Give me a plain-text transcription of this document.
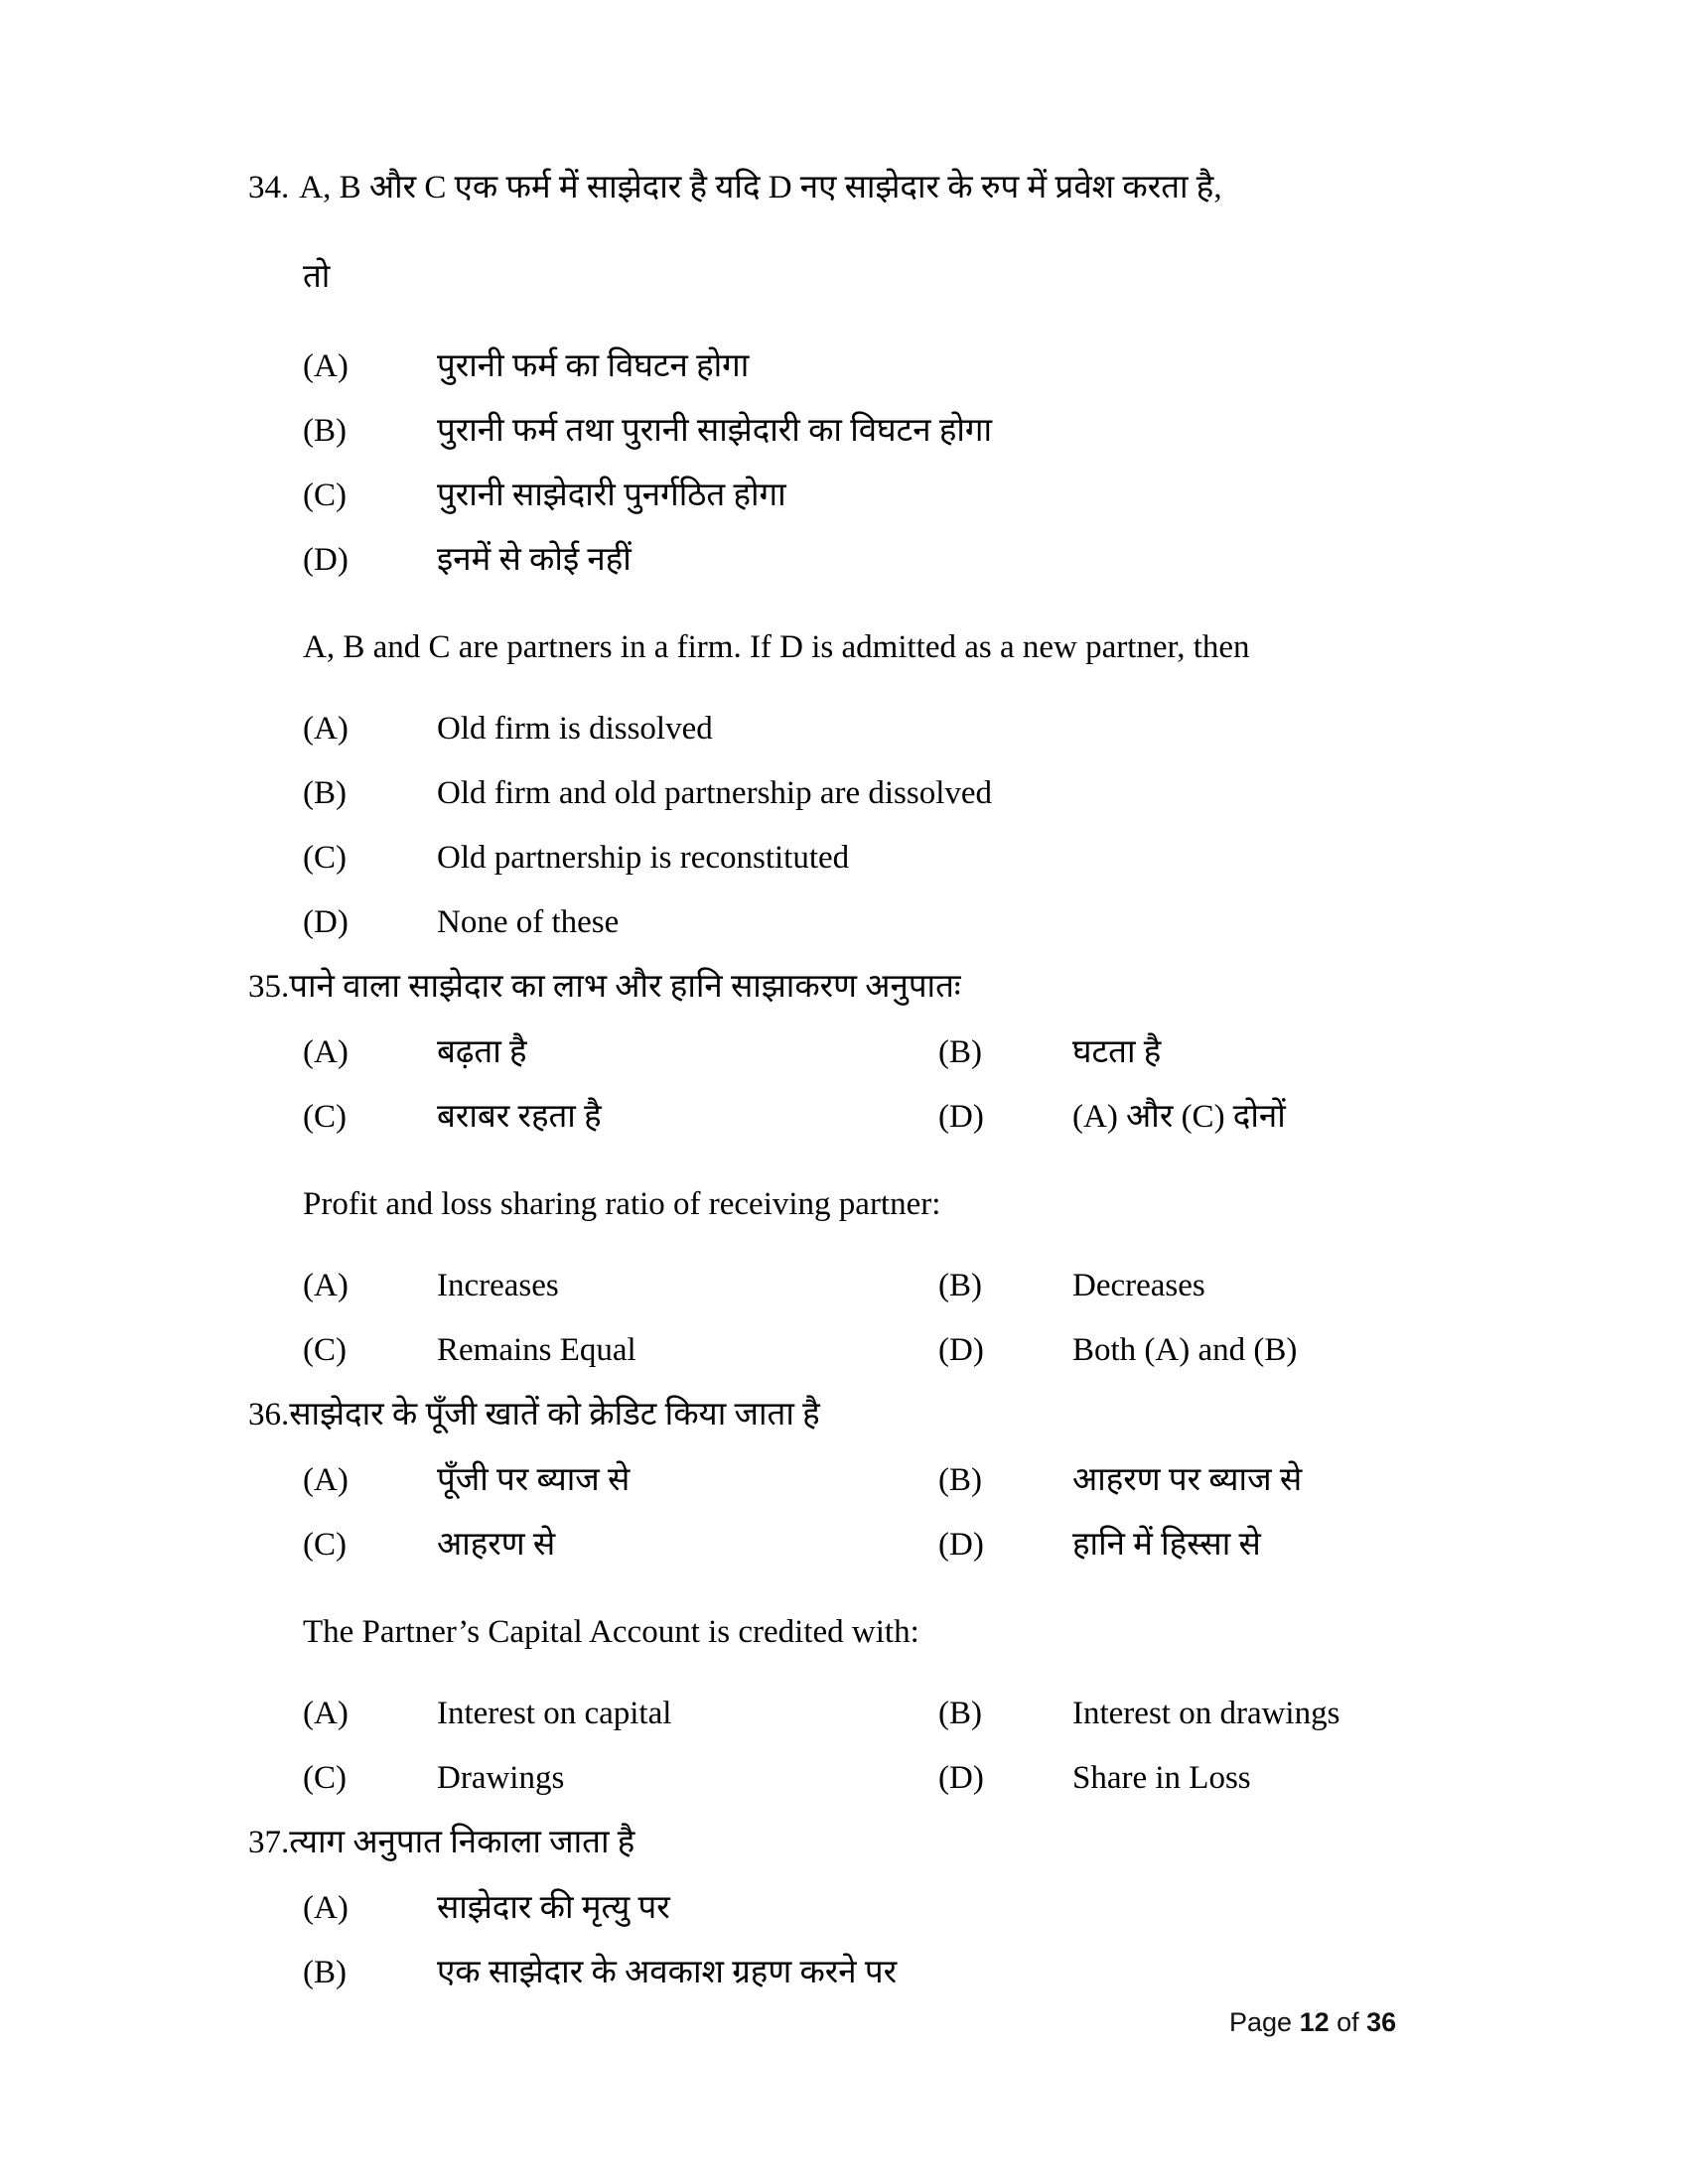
34. A, B और C एक फर्म में साझेदार है यदि D नए साझेदार के रुप में प्रवेश करता है,
तो
(A)	पुरानी फर्म का विघटन होगा
(B)	पुरानी फर्म तथा पुरानी साझेदारी का विघटन होगा
(C)	पुरानी साझेदारी पुनर्गठित होगा
(D)	इनमें से कोई नहीं
A, B and C are partners in a firm. If D is admitted as a new partner, then
(A)	Old firm is dissolved
(B)	Old firm and old partnership are dissolved
(C)	Old partnership is reconstituted
(D)	None of these
35. पाने वाला साझेदार का लाभ और हानि साझाकरण अनुपातः
(A)	बढ़ता है	(B)	घटता है
(C)	बराबर रहता है	(D)	(A) और (C) दोनों
Profit and loss sharing ratio of receiving partner:
(A)	Increases	(B)	Decreases
(C)	Remains Equal	(D)	Both (A) and (B)
36. साझेदार के पूँजी खातें को क्रेडिट किया जाता है
(A)	पूँजी पर ब्याज से	(B)	आहरण पर ब्याज से
(C)	आहरण से	(D)	हानि में हिस्सा से
The Partner’s Capital Account is credited with:
(A)	Interest on capital	(B)	Interest on drawings
(C)	Drawings	(D)	Share in Loss
37. त्याग अनुपात निकाला जाता है
(A)	साझेदार की मृत्यु पर
(B)	एक साझेदार के अवकाश ग्रहण करने पर
Page 12 of 36
